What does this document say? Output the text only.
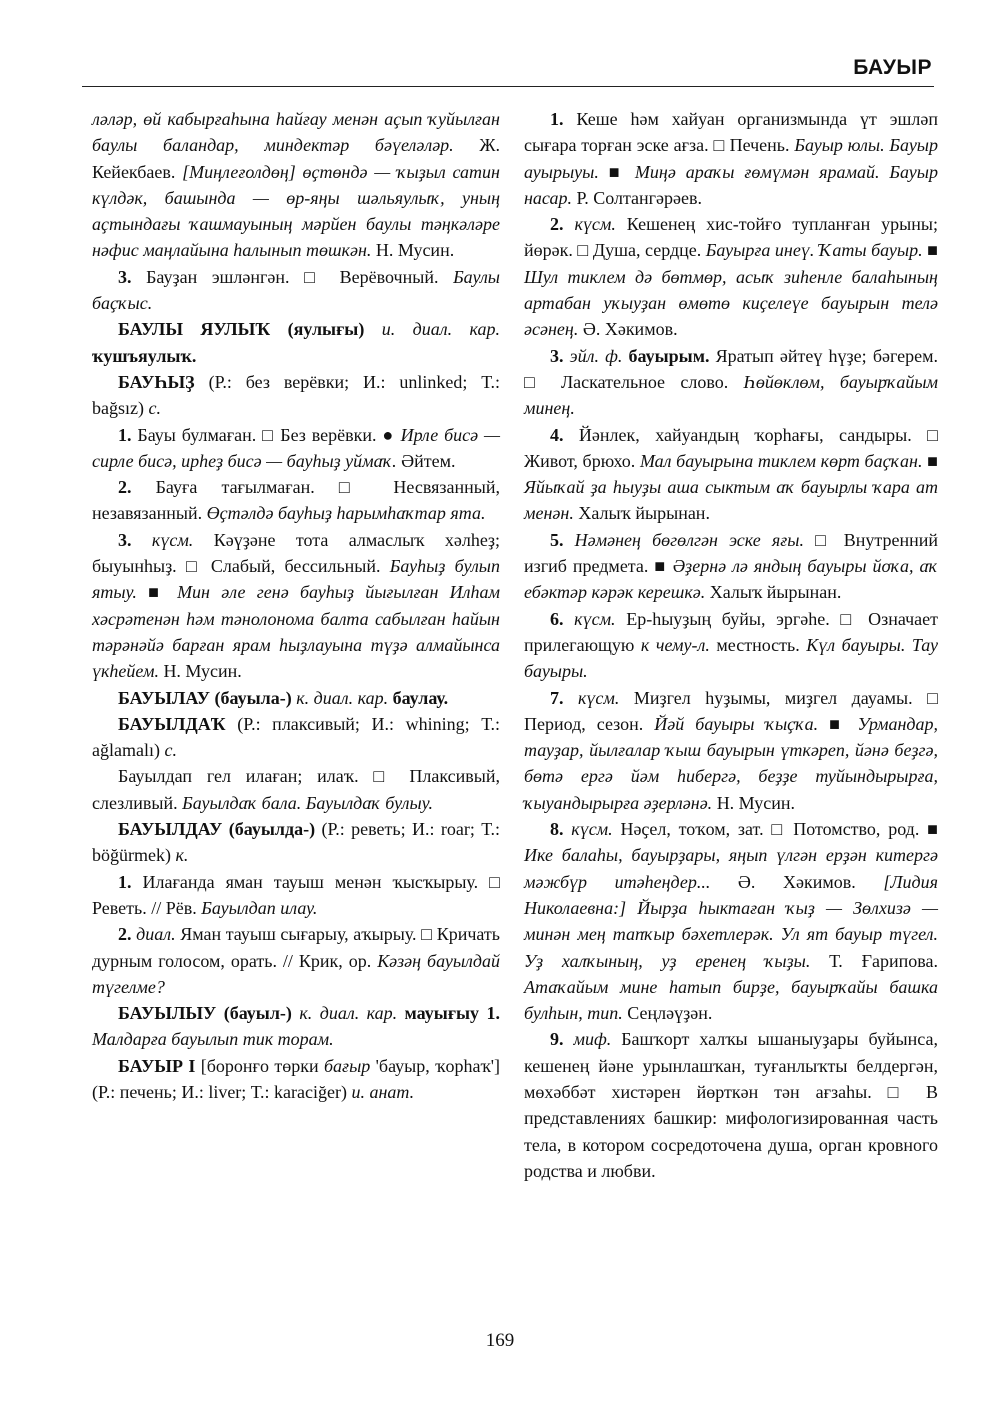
БАУЫР

ләләр, өй кабырғаһына һайғау менән аҫып ҡуйылған баулы баландар, миндектәр бәүеләләр. Ж. Кейекбаев. [Миңлеғолдөң] өҫтөндә — ҡыҙыл сатин күлдәк, башында — өр-яңы шәльяулыҡ, уның аҫтындағы ҡашмауының мәрйен баулы тәңкәләре нәфис маңлайына һалынып төшкән. Н. Мусин.

3. Бауҙан эшләнгән. □ Верёвочный. Баулы баҫҡыс.

БАУЛЫ ЯУЛЫҠ (яулығы) и. диал. кар. ҡушъяулыҡ.

БАУҺЫҘ (Р.: без верёвки; И.: unlinked; Т.: bağsız) с.

1. Бауы булмаған. □ Без верёвки. ● Ирле бисә — сирле бисә, ирһеҙ бисә — бауһыҙ уймаҡ. Әйтем.

2. Бауға тағылмаған. □ Несвязанный, незавязанный. Өҫтәлдә бауһыҙ һарымһаҡтар ята.

3. күсм. Кәүҙәне тота алмаслыҡ хәлһеҙ; быуынһыҙ. □ Слабый, бессильный. Бауһыҙ булып ятыу. ■ Мин әле генә бауһыҙ йығылған Илһам хәсрәтенән һәм тәнолонома балта сабылған һайын тәрәнәйә барған ярам һыҙлауына түҙә алмайынса үкһейем. Н. Мусин.

БАУЫЛАУ (бауыла-) к. диал. кар. баулау.

БАУЫЛДАҠ (Р.: плаксивый; И.: whining; Т.: ağlamalı) с.

Бауылдап гел илаған; илаҡ. □ Плаксивый, слезливый. Бауылдаҡ бала. Бауылдаҡ булыу.

БАУЫЛДАУ (бауылда-) (Р.: реветь; И.: roar; Т.: böğürmek) к.

1. Илағанда яман тауыш менән ҡысҡырыу. □ Реветь. // Рёв. Бауылдап илау.

2. диал. Яман тауыш сығарыу, аҡырыу. □ Кричать дурным голосом, орать. // Крик, ор. Кәзәң бауылдай түгелме?

БАУЫЛЫУ (бауыл-) к. диал. кар. мауығыу 1. Малдарға бауылып тик торам.

БАУЫР I [боронғо төрки бағыр 'бауыр, ҡорһаҡ'] (Р.: печень; И.: liver; Т.: karaciğer) и. анат.

1. Кеше һәм хайуан организмында үт эшләп сығара торған эске ағза. □ Печень. Бауыр юлы. Бауыр ауырыуы. ■ Миңә араҡы ғөмүмән ярамай. Бауыр насар. Р. Солтангәрәев.

2. күсм. Кешенең хис-тойғо тупланған урыны; йөрәк. □ Душа, сердце. Бауырға инеү. Ҡаты бауыр. ■ Шул тиклем дә бөтмөр, асыҡ зиһенле балаһының артабан уҡыуҙан өмөтө киҫелеүе бауырын телә әсәнең. Ә. Хәкимов.

3. эйл. ф. бауырым. Яратып әйтеү һүҙе; бәгерем. □ Ласкательное слово. Һөйөклөм, бауырҡайым минең.

4. Йәнлек, хайуандың ҡорһағы, сандыры. □ Живот, брюхо. Мал бауырына тиклем көрт баҫҡан. ■ Яйыҡай ҙа һыуҙы аша сыктым аҡ бауырлы ҡара ат менән. Халыҡ йырынан.

5. Нәмәнең бөгөлгән эске яғы. □ Внутренний изгиб предмета. ■ Әҙернә лә яндың бауыры йоҡа, аҡ ебәктәр кәрәк керешкә. Халыҡ йырынан.

6. күсм. Ер-һыуҙың буйы, эргәһе. □ Означает прилегающую к чему-л. местность. Күл бауыры. Тау бауыры.

7. күсм. Миҙгел һуҙымы, миҙгел дауамы. □ Период, сезон. Йәй бауыры ҡыҫҡа. ■ Урмандар, тауҙар, йылғалар ҡыш бауырын үткәреп, йәнә беҙгә, бөтә ергә йәм һибергә, беҙҙе туйындырырға, ҡыуандырырға әҙерләнә. Н. Мусин.

8. күсм. Нәҫел, тоҡом, зат. □ Потомство, род. ■ Ике балаһы, бауырҙары, яңып үлгән ерҙән китергә мәжбүр итәһеңдер... Ә. Хәкимов. [Лидия Николаевна:] Йырҙа һыктаған ҡыҙ — Зөлхизә — минән мең тапҡыр бәхетлерәк. Ул ят бауыр түгел. Уҙ халҡының, уҙ еренең ҡыҙы. Т. Ғарипова. Атаҡайым мине һатып бирҙе, бауырҡайы башка булһын, тип. Сеңләүҙән.

9. миф. Башҡорт халҡы ышаныуҙары буйынса, кешенең йәне урынлашҡан, туғанлыҡты белдергән, мөхәббәт хистәрен йөрткән тән ағзаһы. □ В представлениях башкир: мифологизированная часть тела, в котором сосредоточена душа, орган кровного родства и любви.

169
